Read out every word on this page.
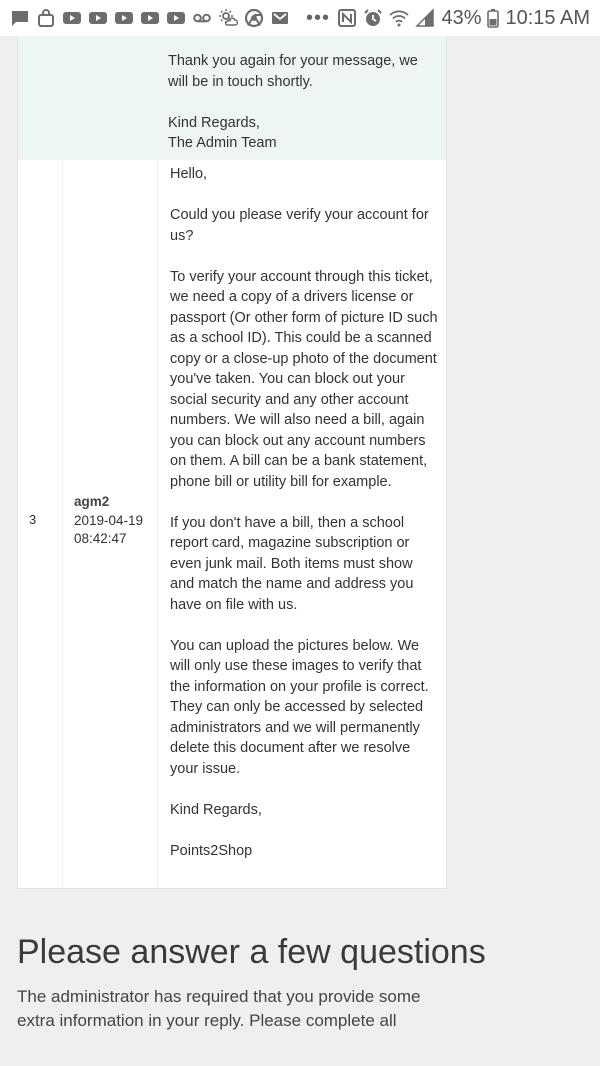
•••	43% 10:15 AM

Thank you again for your message, we will be in touch shortly.

Kind Regards,
The Admin Team

3
agm2
2019-04-19
08:42:47

Hello,

Could you please verify your account for us?

To verify your account through this ticket, we need a copy of a drivers license or passport (Or other form of picture ID such as a school ID). This could be a scanned copy or a close-up photo of the document you've taken. You can block out your social security and any other account numbers. We will also need a bill, again you can block out any account numbers on them. A bill can be a bank statement, phone bill or utility bill for example.

If you don't have a bill, then a school report card, magazine subscription or even junk mail. Both items must show and match the name and address you have on file with us.

You can upload the pictures below. We will only use these images to verify that the information on your profile is correct. They can only be accessed by selected administrators and we will permanently delete this document after we resolve your issue.

Kind Regards,

Points2Shop

Please answer a few questions
The administrator has required that you provide some extra information in your reply. Please complete all
